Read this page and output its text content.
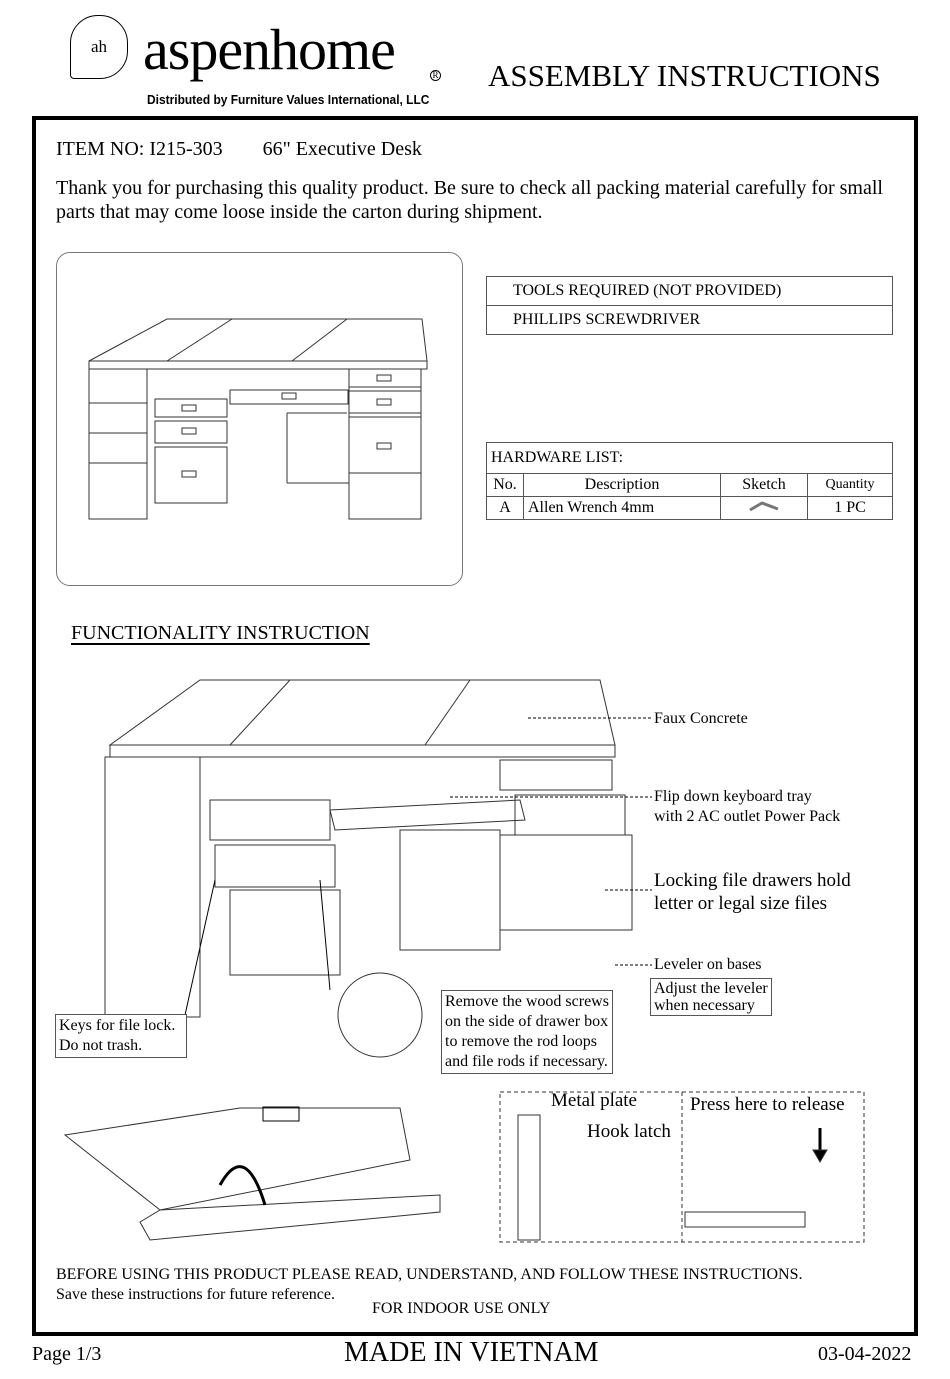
ah aspenhome	R
Distributed by Furniture Values International, LLC
ASSEMBLY INSTRUCTIONS
ITEM NO: I215-303 66" Executive Desk
Thank you for purchasing this quality product. Be sure to check all packing material carefully for small parts that may come loose inside the carton during shipment.
TOOLS REQUIRED (NOT PROVIDED)
PHILLIPS SCREWDRIVER
HARDWARE LIST:			
No.	Description	Sketch	Quantity
A	Allen Wrench 4mm		1 PC
FUNCTIONALITY INSTRUCTION
Faux Concrete
Flip down keyboard tray
with 2 AC outlet Power Pack
Locking file drawers hold
letter or legal size files
Leveler on bases
Adjust the leveler
when necessary
Keys for file lock.
Do not trash.
Remove the wood screws
on the side of drawer box
to remove the rod loops
and file rods if necessary.
Metal plate
Hook latch
Press here to release
BEFORE USING THIS PRODUCT PLEASE READ, UNDERSTAND, AND FOLLOW THESE INSTRUCTIONS.
Save these instructions for future reference.
FOR INDOOR USE ONLY
Page 1/3	MADE IN VIETNAM	03-04-2022
